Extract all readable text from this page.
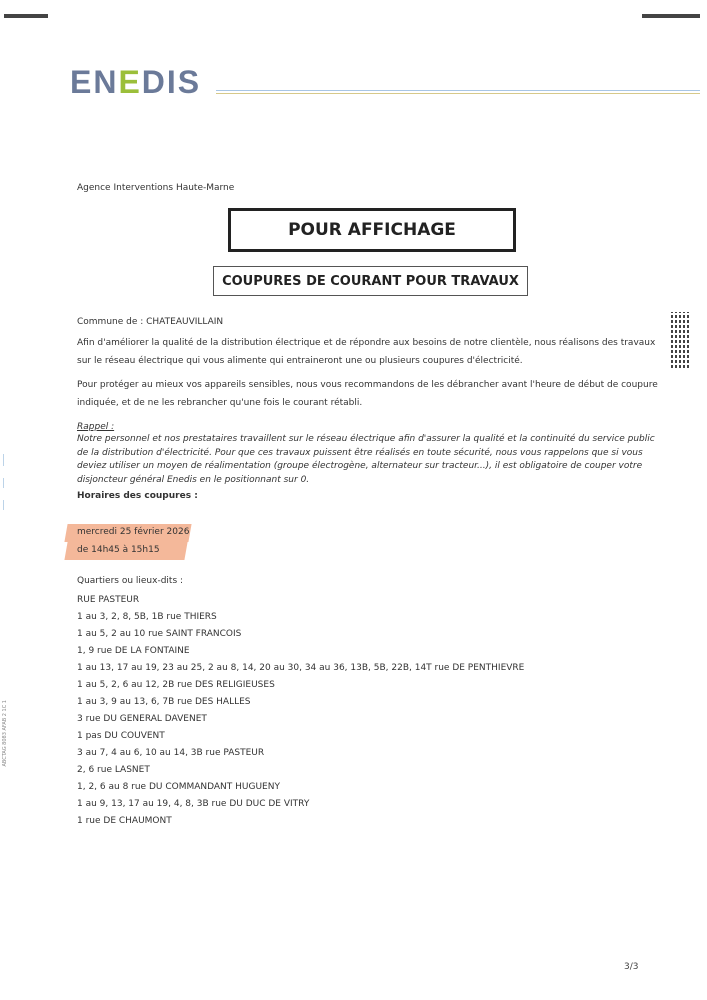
ENEDIS
Agence Interventions Haute-Marne
POUR AFFICHAGE
COUPURES DE COURANT POUR TRAVAUX
Commune de : CHATEAUVILLAIN
Afin d'améliorer la qualité de la distribution électrique et de répondre aux besoins de notre clientèle, nous réalisons des travaux
sur le réseau électrique qui vous alimente qui entraineront une ou plusieurs coupures d'électricité.
Pour protéger au mieux vos appareils sensibles, nous vous recommandons de les débrancher avant l'heure de début de coupure
indiquée, et de ne les rebrancher qu'une fois le courant rétabli.
Rappel :
Notre personnel et nos prestataires travaillent sur le réseau électrique afin d'assurer la qualité et la continuité du service public
de la distribution d'électricité. Pour que ces travaux puissent être réalisés en toute sécurité, nous vous rappelons que si vous
deviez utiliser un moyen de réalimentation (groupe électrogène, alternateur sur tracteur...), il est obligatoire de couper votre
disjoncteur général Enedis en le positionnant sur 0.
Horaires des coupures :
mercredi 25 février 2026
de 14h45 à 15h15
Quartiers ou lieux-dits :
RUE PASTEUR
1 au 3, 2, 8, 5B, 1B rue THIERS
1 au 5, 2 au 10 rue SAINT FRANCOIS
1, 9 rue DE LA FONTAINE
1 au 13, 17 au 19, 23 au 25, 2 au 8, 14, 20 au 30, 34 au 36, 13B, 5B, 22B, 14T rue DE PENTHIEVRE
1 au 5, 2, 6 au 12, 2B rue DES RELIGIEUSES
1 au 3, 9 au 13, 6, 7B rue DES HALLES
3 rue DU GENERAL DAVENET
1 pas DU COUVENT
3 au 7, 4 au 6, 10 au 14, 3B rue PASTEUR
2, 6 rue LASNET
1, 2, 6 au 8 rue DU COMMANDANT HUGUENY
1 au 9, 13, 17 au 19, 4, 8, 3B rue DU DUC DE VITRY
1 rue DE CHAUMONT
ABCTAG 8083 AFAB 2 1C 1
3/3
